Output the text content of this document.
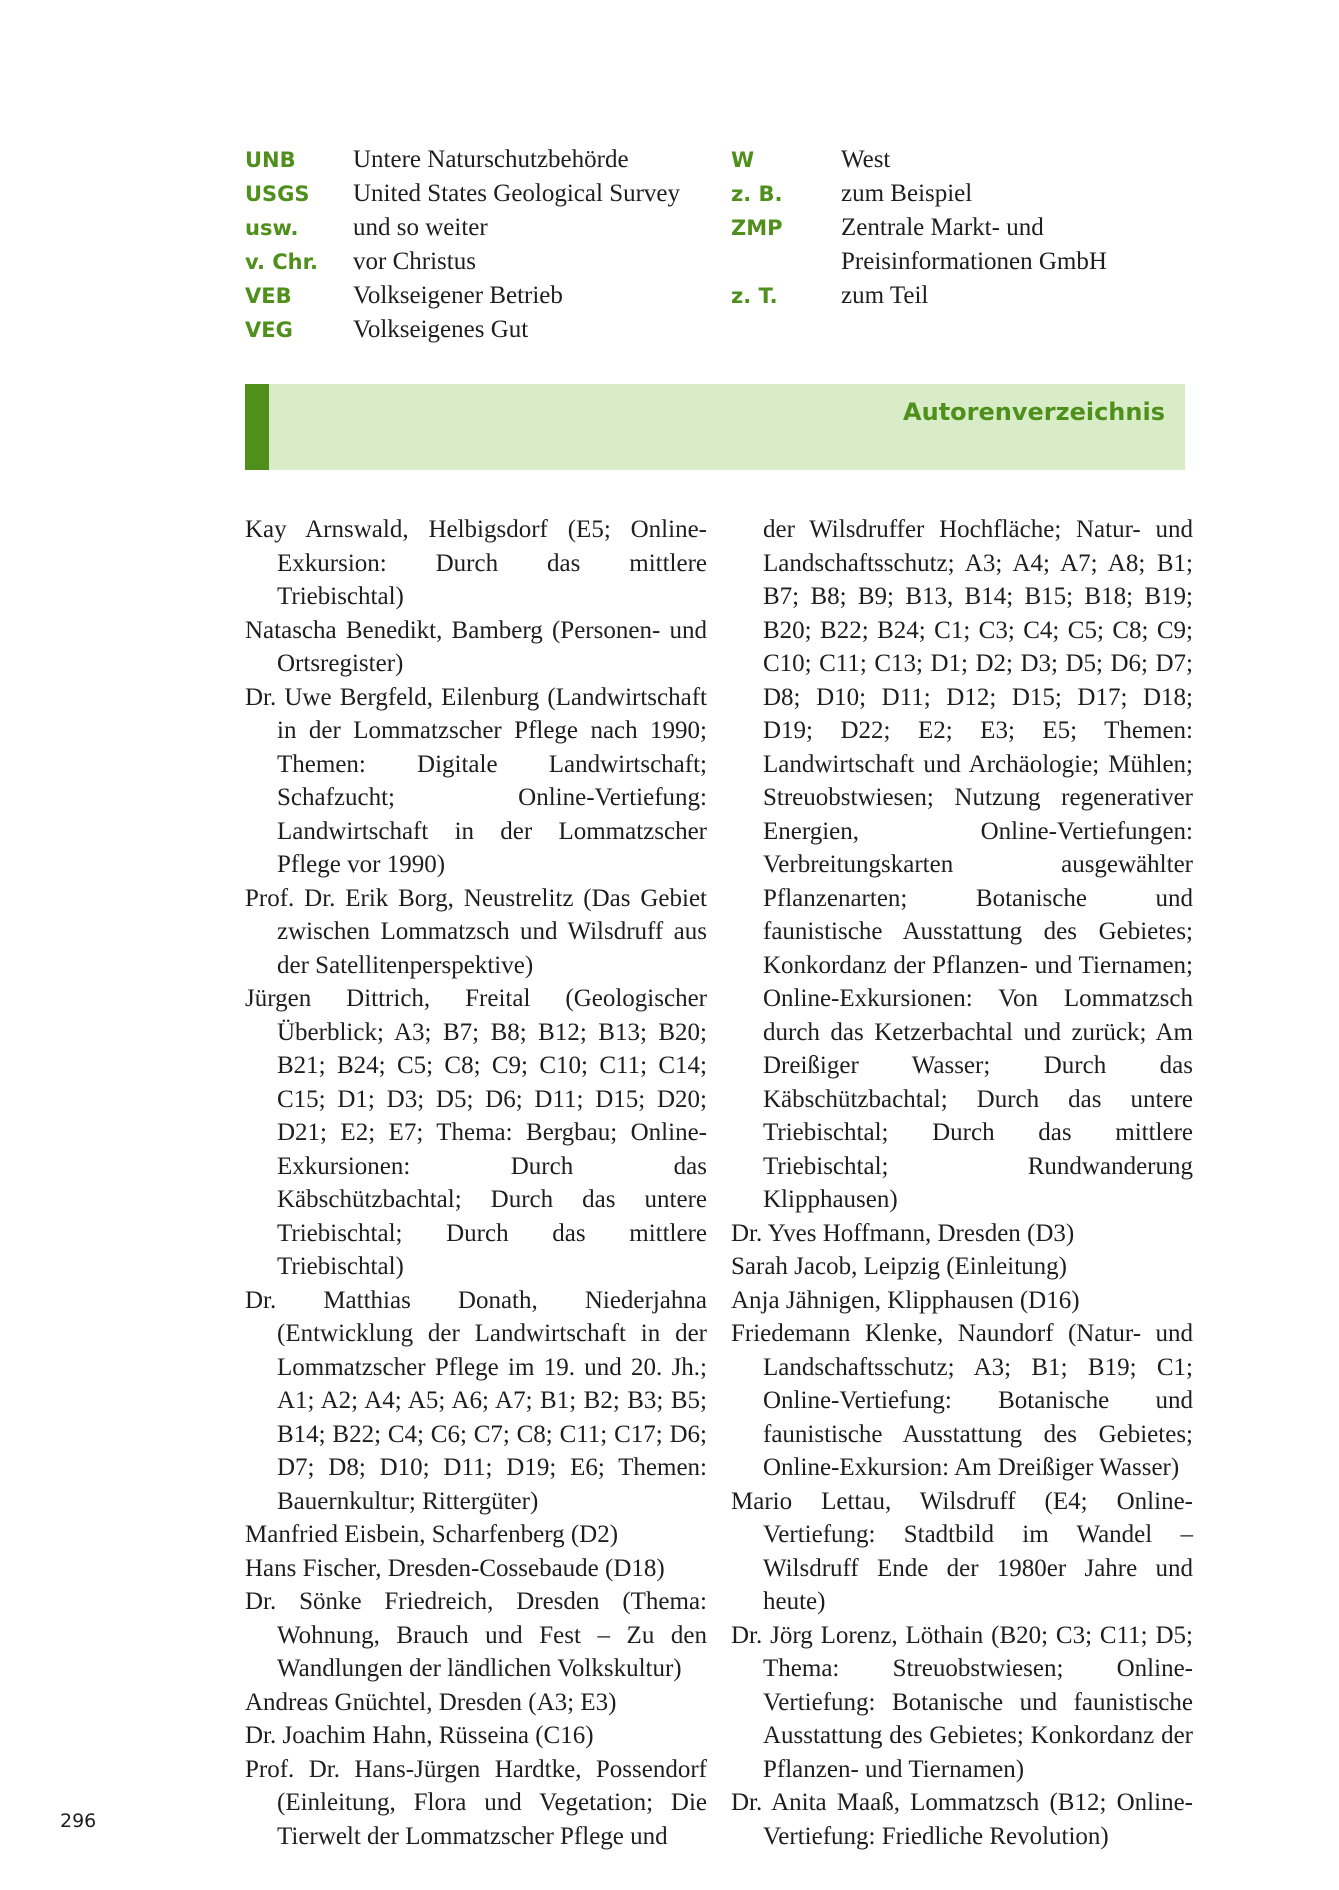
UNB	Untere Naturschutzbehörde
USGS	United States Geological Survey
usw.	und so weiter
v. Chr.	vor Christus
VEB	Volkseigener Betrieb
VEG	Volkseigenes Gut
W	West
z. B.	zum Beispiel
ZMP	Zentrale Markt- und Preisinformationen GmbH
z. T.	zum Teil
Autorenverzeichnis

Kay Arnswald, Helbigsdorf (E5; Online-Exkursion: Durch das mittlere Triebischtal)

Natascha Benedikt, Bamberg (Personen- und Ortsregister)

Dr. Uwe Bergfeld, Eilenburg (Landwirtschaft in der Lommatzscher Pflege nach 1990; Themen: Digitale Landwirtschaft; Schafzucht; Online-Vertiefung: Landwirtschaft in der Lommatzscher Pflege vor 1990)

Prof. Dr. Erik Borg, Neustrelitz (Das Gebiet zwischen Lommatzsch und Wilsdruff aus der Satellitenperspektive)

Jürgen Dittrich, Freital (Geologischer Überblick; A3; B7; B8; B12; B13; B20; B21; B24; C5; C8; C9; C10; C11; C14; C15; D1; D3; D5; D6; D11; D15; D20; D21; E2; E7; Thema: Bergbau; Online-Exkursionen: Durch das Käbschützbachtal; Durch das untere Triebischtal; Durch das mittlere Triebischtal)

Dr. Matthias Donath, Niederjahna (Entwicklung der Landwirtschaft in der Lommatzscher Pflege im 19. und 20. Jh.; A1; A2; A4; A5; A6; A7; B1; B2; B3; B5; B14; B22; C4; C6; C7; C8; C11; C17; D6; D7; D8; D10; D11; D19; E6; Themen: Bauernkultur; Rittergüter)

Manfried Eisbein, Scharfenberg (D2)

Hans Fischer, Dresden-Cossebaude (D18)

Dr. Sönke Friedreich, Dresden (Thema: Wohnung, Brauch und Fest – Zu den Wandlungen der ländlichen Volkskultur)

Andreas Gnüchtel, Dresden (A3; E3)

Dr. Joachim Hahn, Rüsseina (C16)

Prof. Dr. Hans-Jürgen Hardtke, Possendorf (Einleitung, Flora und Vegetation; Die Tierwelt der Lommatzscher Pflege und

der Wilsdruffer Hochfläche; Natur- und Landschaftsschutz; A3; A4; A7; A8; B1; B7; B8; B9; B13, B14; B15; B18; B19; B20; B22; B24; C1; C3; C4; C5; C8; C9; C10; C11; C13; D1; D2; D3; D5; D6; D7; D8; D10; D11; D12; D15; D17; D18; D19; D22; E2; E3; E5; Themen: Landwirtschaft und Archäologie; Mühlen; Streuobstwiesen; Nutzung regenerativer Energien, Online-Vertiefungen: Verbreitungskarten ausgewählter Pflanzenarten; Botanische und faunistische Ausstattung des Gebietes; Konkordanz der Pflanzen- und Tiernamen; Online-Exkursionen: Von Lommatzsch durch das Ketzerbachtal und zurück; Am Dreißiger Wasser; Durch das Käbschützbachtal; Durch das untere Triebischtal; Durch das mittlere Triebischtal; Rundwanderung Klipphausen)

Dr. Yves Hoffmann, Dresden (D3)

Sarah Jacob, Leipzig (Einleitung)

Anja Jähnigen, Klipphausen (D16)

Friedemann Klenke, Naundorf (Natur- und Landschaftsschutz; A3; B1; B19; C1; Online-Vertiefung: Botanische und faunistische Ausstattung des Gebietes; Online-Exkursion: Am Dreißiger Wasser)

Mario Lettau, Wilsdruff (E4; Online-Vertiefung: Stadtbild im Wandel – Wilsdruff Ende der 1980er Jahre und heute)

Dr. Jörg Lorenz, Löthain (B20; C3; C11; D5; Thema: Streuobstwiesen; Online-Vertiefung: Botanische und faunistische Ausstattung des Gebietes; Konkordanz der Pflanzen- und Tiernamen)

Dr. Anita Maaß, Lommatzsch (B12; Online-Vertiefung: Friedliche Revolution)

296
